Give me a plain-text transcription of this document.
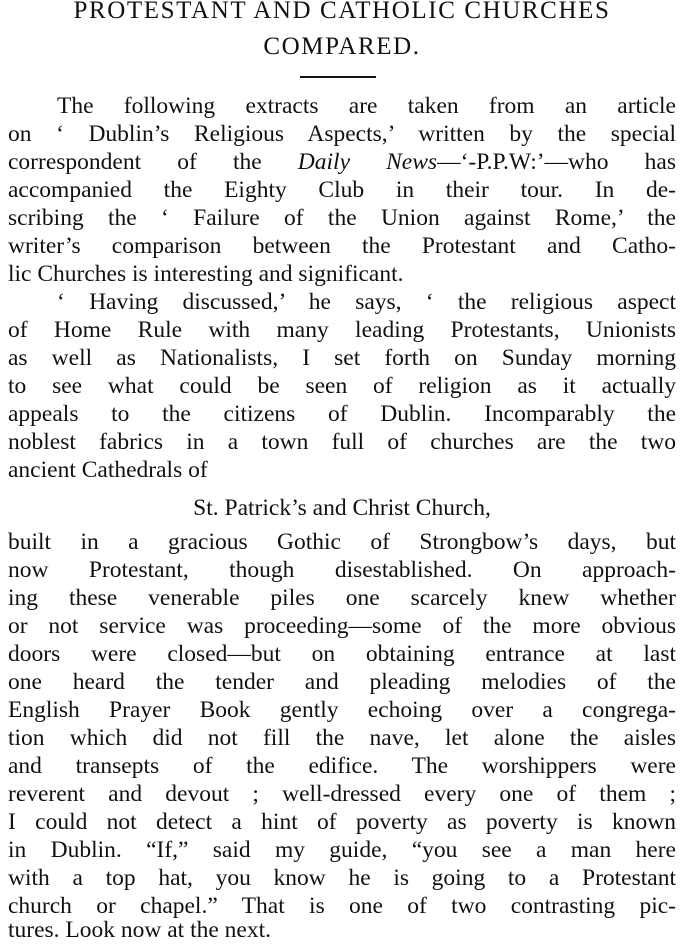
PROTESTANT AND CATHOLIC CHURCHES
COMPARED.
The following extracts are taken from an article
on ‘ Dublin’s Religious Aspects,’ written by the special
correspondent of the Daily News—‘-P.P.W:’—who has
accompanied the Eighty Club in their tour. In de-
scribing the ‘ Failure of the Union against Rome,’ the
writer’s comparison between the Protestant and Catho-
lic Churches is interesting and significant.
‘ Having discussed,’ he says, ‘ the religious aspect
of Home Rule with many leading Protestants, Unionists
as well as Nationalists, I set forth on Sunday morning
to see what could be seen of religion as it actually
appeals to the citizens of Dublin. Incomparably the
noblest fabrics in a town full of churches are the two
ancient Cathedrals of
St. Patrick’s and Christ Church,
built in a gracious Gothic of Strongbow’s days, but
now Protestant, though disestablished. On approach-
ing these venerable piles one scarcely knew whether
or not service was proceeding—some of the more obvious
doors were closed—but on obtaining entrance at last
one heard the tender and pleading melodies of the
English Prayer Book gently echoing over a congrega-
tion which did not fill the nave, let alone the aisles
and transepts of the edifice. The worshippers were
reverent and devout ; well-dressed every one of them ;
I could not detect a hint of poverty as poverty is known
in Dublin. “If,” said my guide, “you see a man here
with a top hat, you know he is going to a Protestant
church or chapel.” That is one of two contrasting pic-
tures. Look now at the next.
